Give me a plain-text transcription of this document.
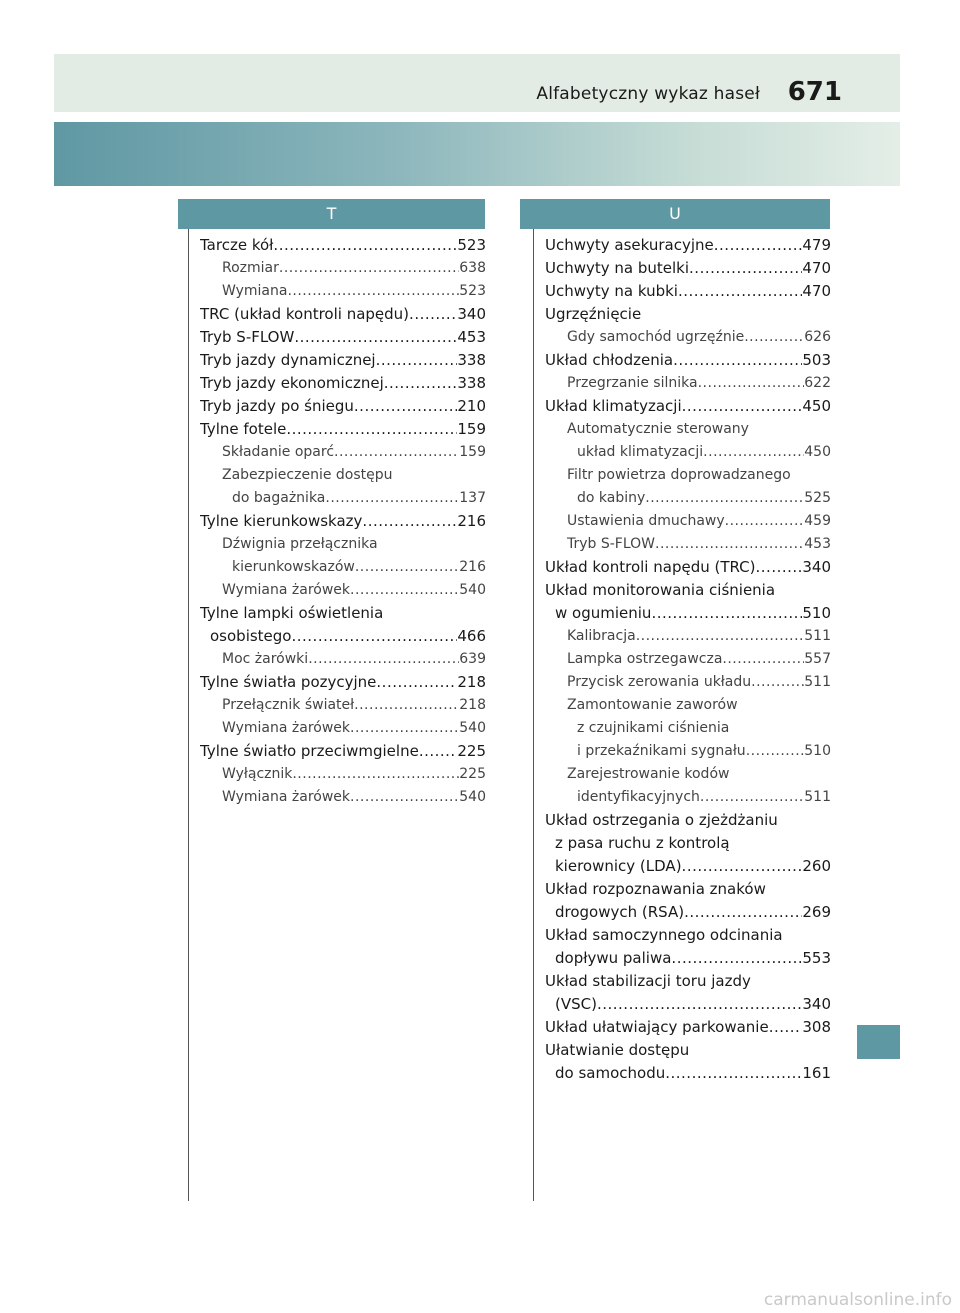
Alfabetyczny wykaz haseł 671
T	U
Tarcze kół .....	523
Rozmiar .....	638
Wymiana .....	523
TRC (układ kontroli napędu) .....	340
Tryb S-FLOW .....	453
Tryb jazdy dynamicznej .....	338
Tryb jazdy ekonomicznej .....	338
Tryb jazdy po śniegu .....	210
Tylne fotele .....	159
Składanie oparć .....	159
Zabezpieczenie dostępu
do bagażnika .....	137
Tylne kierunkowskazy .....	216
Dźwignia przełącznika
kierunkowskazów .....	216
Wymiana żarówek .....	540
Tylne lampki oświetlenia
osobistego .....	466
Moc żarówki .....	639
Tylne światła pozycyjne .....	218
Przełącznik świateł .....	218
Wymiana żarówek .....	540
Tylne światło przeciwmgielne .....	225
Wyłącznik .....	225
Wymiana żarówek .....	540
Uchwyty asekuracyjne .....	479
Uchwyty na butelki .....	470
Uchwyty na kubki .....	470
Ugrzęźnięcie
Gdy samochód ugrzęźnie .....	626
Układ chłodzenia .....	503
Przegrzanie silnika .....	622
Układ klimatyzacji .....	450
Automatycznie sterowany
układ klimatyzacji .....	450
Filtr powietrza doprowadzanego
do kabiny .....	525
Ustawienia dmuchawy .....	459
Tryb S-FLOW .....	453
Układ kontroli napędu (TRC) .....	340
Układ monitorowania ciśnienia
w ogumieniu .....	510
Kalibracja .....	511
Lampka ostrzegawcza .....	557
Przycisk zerowania układu .....	511
Zamontowanie zaworów
z czujnikami ciśnienia
i przekaźnikami sygnału .....	510
Zarejestrowanie kodów
identyfikacyjnych .....	511
Układ ostrzegania o zjeżdżaniu
z pasa ruchu z kontrolą
kierownicy (LDA) .....	260
Układ rozpoznawania znaków
drogowych (RSA) .....	269
Układ samoczynnego odcinania
dopływu paliwa .....	553
Układ stabilizacji toru jazdy
(VSC) .....	340
Układ ułatwiający parkowanie ..... 308
Ułatwianie dostępu
do samochodu .....	161
carmanualsonline.info
